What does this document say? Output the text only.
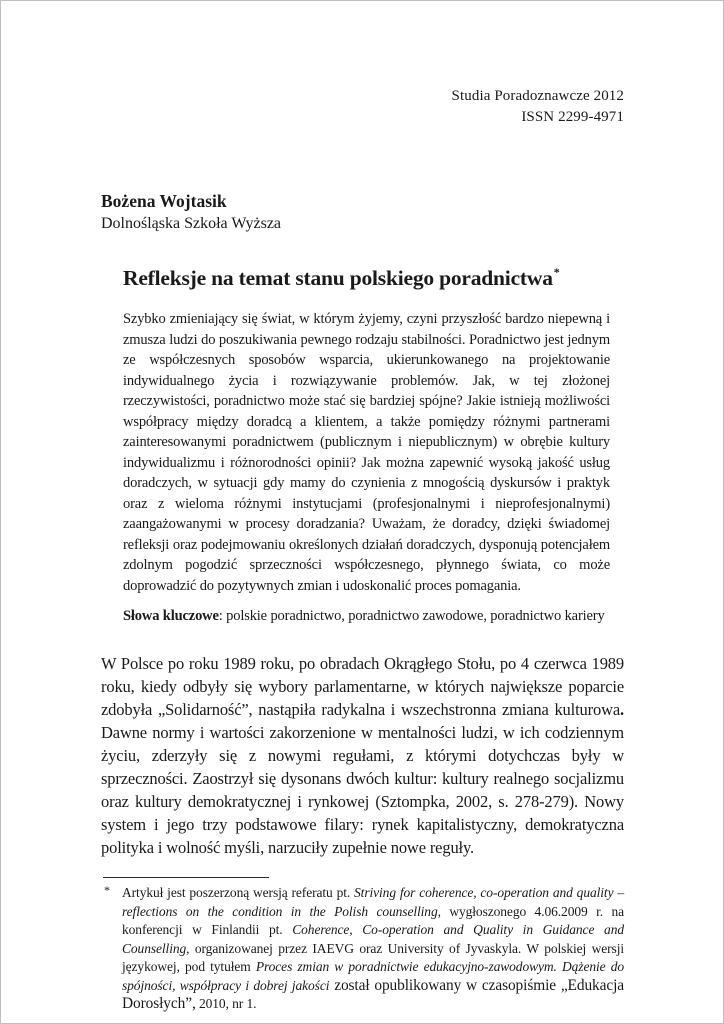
Studia Poradoznawcze 2012
ISSN 2299-4971
Bożena Wojtasik
Dolnośląska Szkoła Wyższa
Refleksje na temat stanu polskiego poradnictwa*

Szybko zmieniający się świat, w którym żyjemy, czyni przyszłość bardzo niepewną i zmusza ludzi do poszukiwania pewnego rodzaju stabilności. Poradnictwo jest jednym ze współczesnych sposobów wsparcia, ukierunkowanego na projektowanie indywidualnego życia i rozwiązywanie problemów. Jak, w tej złożonej rzeczywistości, poradnictwo może stać się bardziej spójne? Jakie istnieją możliwości współpracy między doradcą a klientem, a także pomiędzy różnymi partnerami zainteresowanymi poradnictwem (publicznym i niepublicznym) w obrębie kultury indywidualizmu i różnorodności opinii? Jak można zapewnić wysoką jakość usług doradczych, w sytuacji gdy mamy do czynienia z mnogością dyskursów i praktyk oraz z wieloma różnymi instytucjami (profesjonalnymi i nieprofesjonalnymi) zaangażowanymi w procesy doradzania? Uważam, że doradcy, dzięki świadomej refleksji oraz podejmowaniu określonych działań doradczych, dysponują potencjałem zdolnym pogodzić sprzeczności współczesnego, płynnego świata, co może doprowadzić do pozytywnych zmian i udoskonalić proces pomagania.

Słowa kluczowe: polskie poradnictwo, poradnictwo zawodowe, poradnictwo kariery

W Polsce po roku 1989 roku, po obradach Okrągłego Stołu, po 4 czerwca 1989 roku, kiedy odbyły się wybory parlamentarne, w których największe poparcie zdobyła „Solidarność”, nastąpiła radykalna i wszechstronna zmiana kulturowa. Dawne normy i wartości zakorzenione w mentalności ludzi, w ich codziennym życiu, zderzyły się z nowymi regułami, z którymi dotychczas były w sprzeczności. Zaostrzył się dysonans dwóch kultur: kultury realnego socjalizmu oraz kultury demokratycznej i rynkowej (Sztompka, 2002, s. 278-279). Nowy system i jego trzy podstawowe filary: rynek kapitalistyczny, demokratyczna polityka i wolność myśli, narzuciły zupełnie nowe reguły.

* Artykuł jest poszerzoną wersją referatu pt. Striving for coherence, co-operation and quality – reflections on the condition in the Polish counselling, wygłoszonego 4.06.2009 r. na konferencji w Finlandii pt. Coherence, Co-operation and Quality in Guidance and Counselling, organizowanej przez IAEVG oraz University of Jyvaskyla. W polskiej wersji językowej, pod tytułem Proces zmian w poradnictwie edukacyjno-zawodowym. Dążenie do spójności, współpracy i dobrej jakości został opublikowany w czasopiśmie „Edukacja Dorosłych”, 2010, nr 1.
